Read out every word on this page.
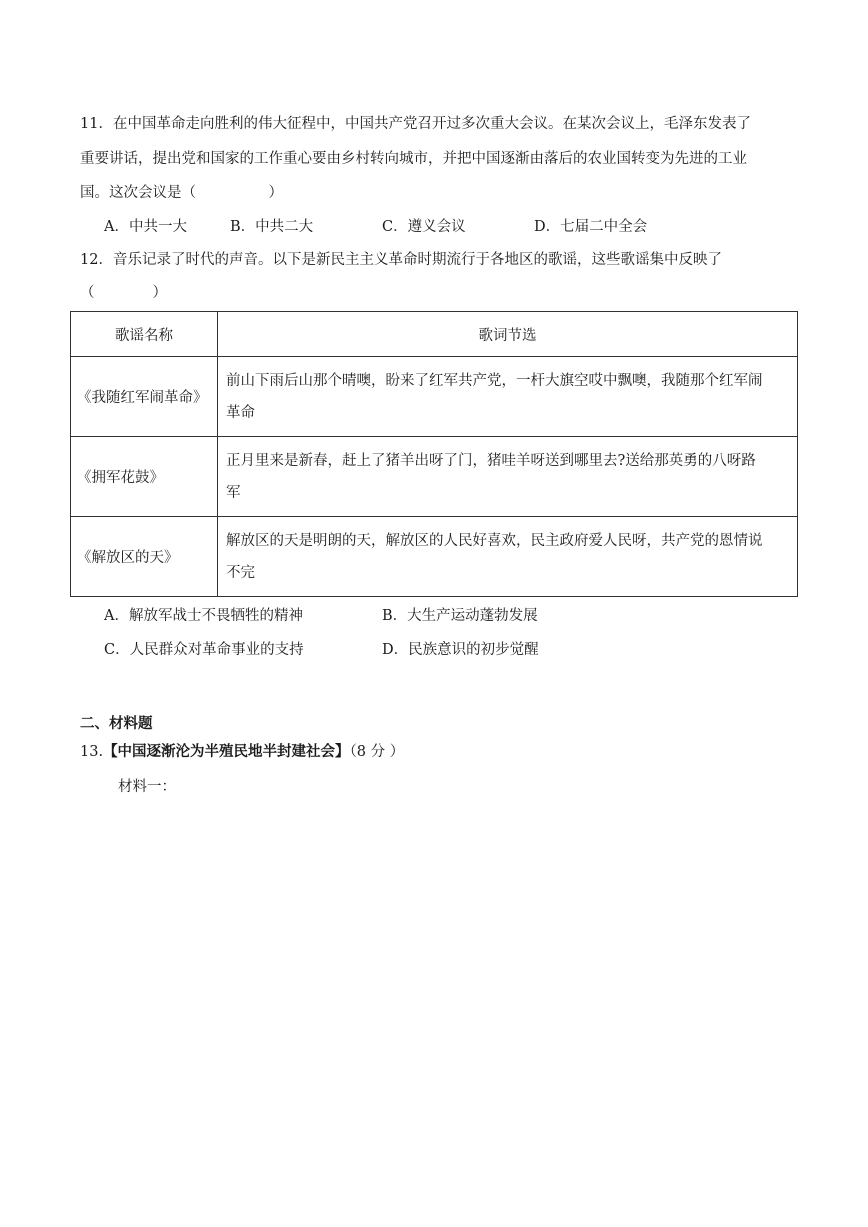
11．在中国革命走向胜利的伟大征程中，中国共产党召开过多次重大会议。在某次会议上，毛泽东发表了
重要讲话，提出党和国家的工作重心要由乡村转向城市，并把中国逐渐由落后的农业国转变为先进的工业
国。这次会议是（　　　　　）
A．中共一大	B．中共二大	C．遵义会议	D．七届二中全会
12．音乐记录了时代的声音。以下是新民主主义革命时期流行于各地区的歌谣，这些歌谣集中反映了
（　　　　）
歌谣名称	歌词节选
《我随红军闹革命》	前山下雨后山那个晴噢，盼来了红军共产党，一杆大旗空哎中飘噢，我随那个红军闹
革命

《拥军花鼓》	正月里来是新春，赶上了猪羊出呀了门，猪哇羊呀送到哪里去?送给那英勇的八呀路
军

《解放区的天》	解放区的天是明朗的天，解放区的人民好喜欢，民主政府爱人民呀，共产党的恩情说
不完
A．解放军战士不畏牺牲的精神	B．大生产运动蓬勃发展
C．人民群众对革命事业的支持	D．民族意识的初步觉醒
二、材料题
13.【中国逐渐沦为半殖民地半封建社会】（8 分 ）
材料一：
